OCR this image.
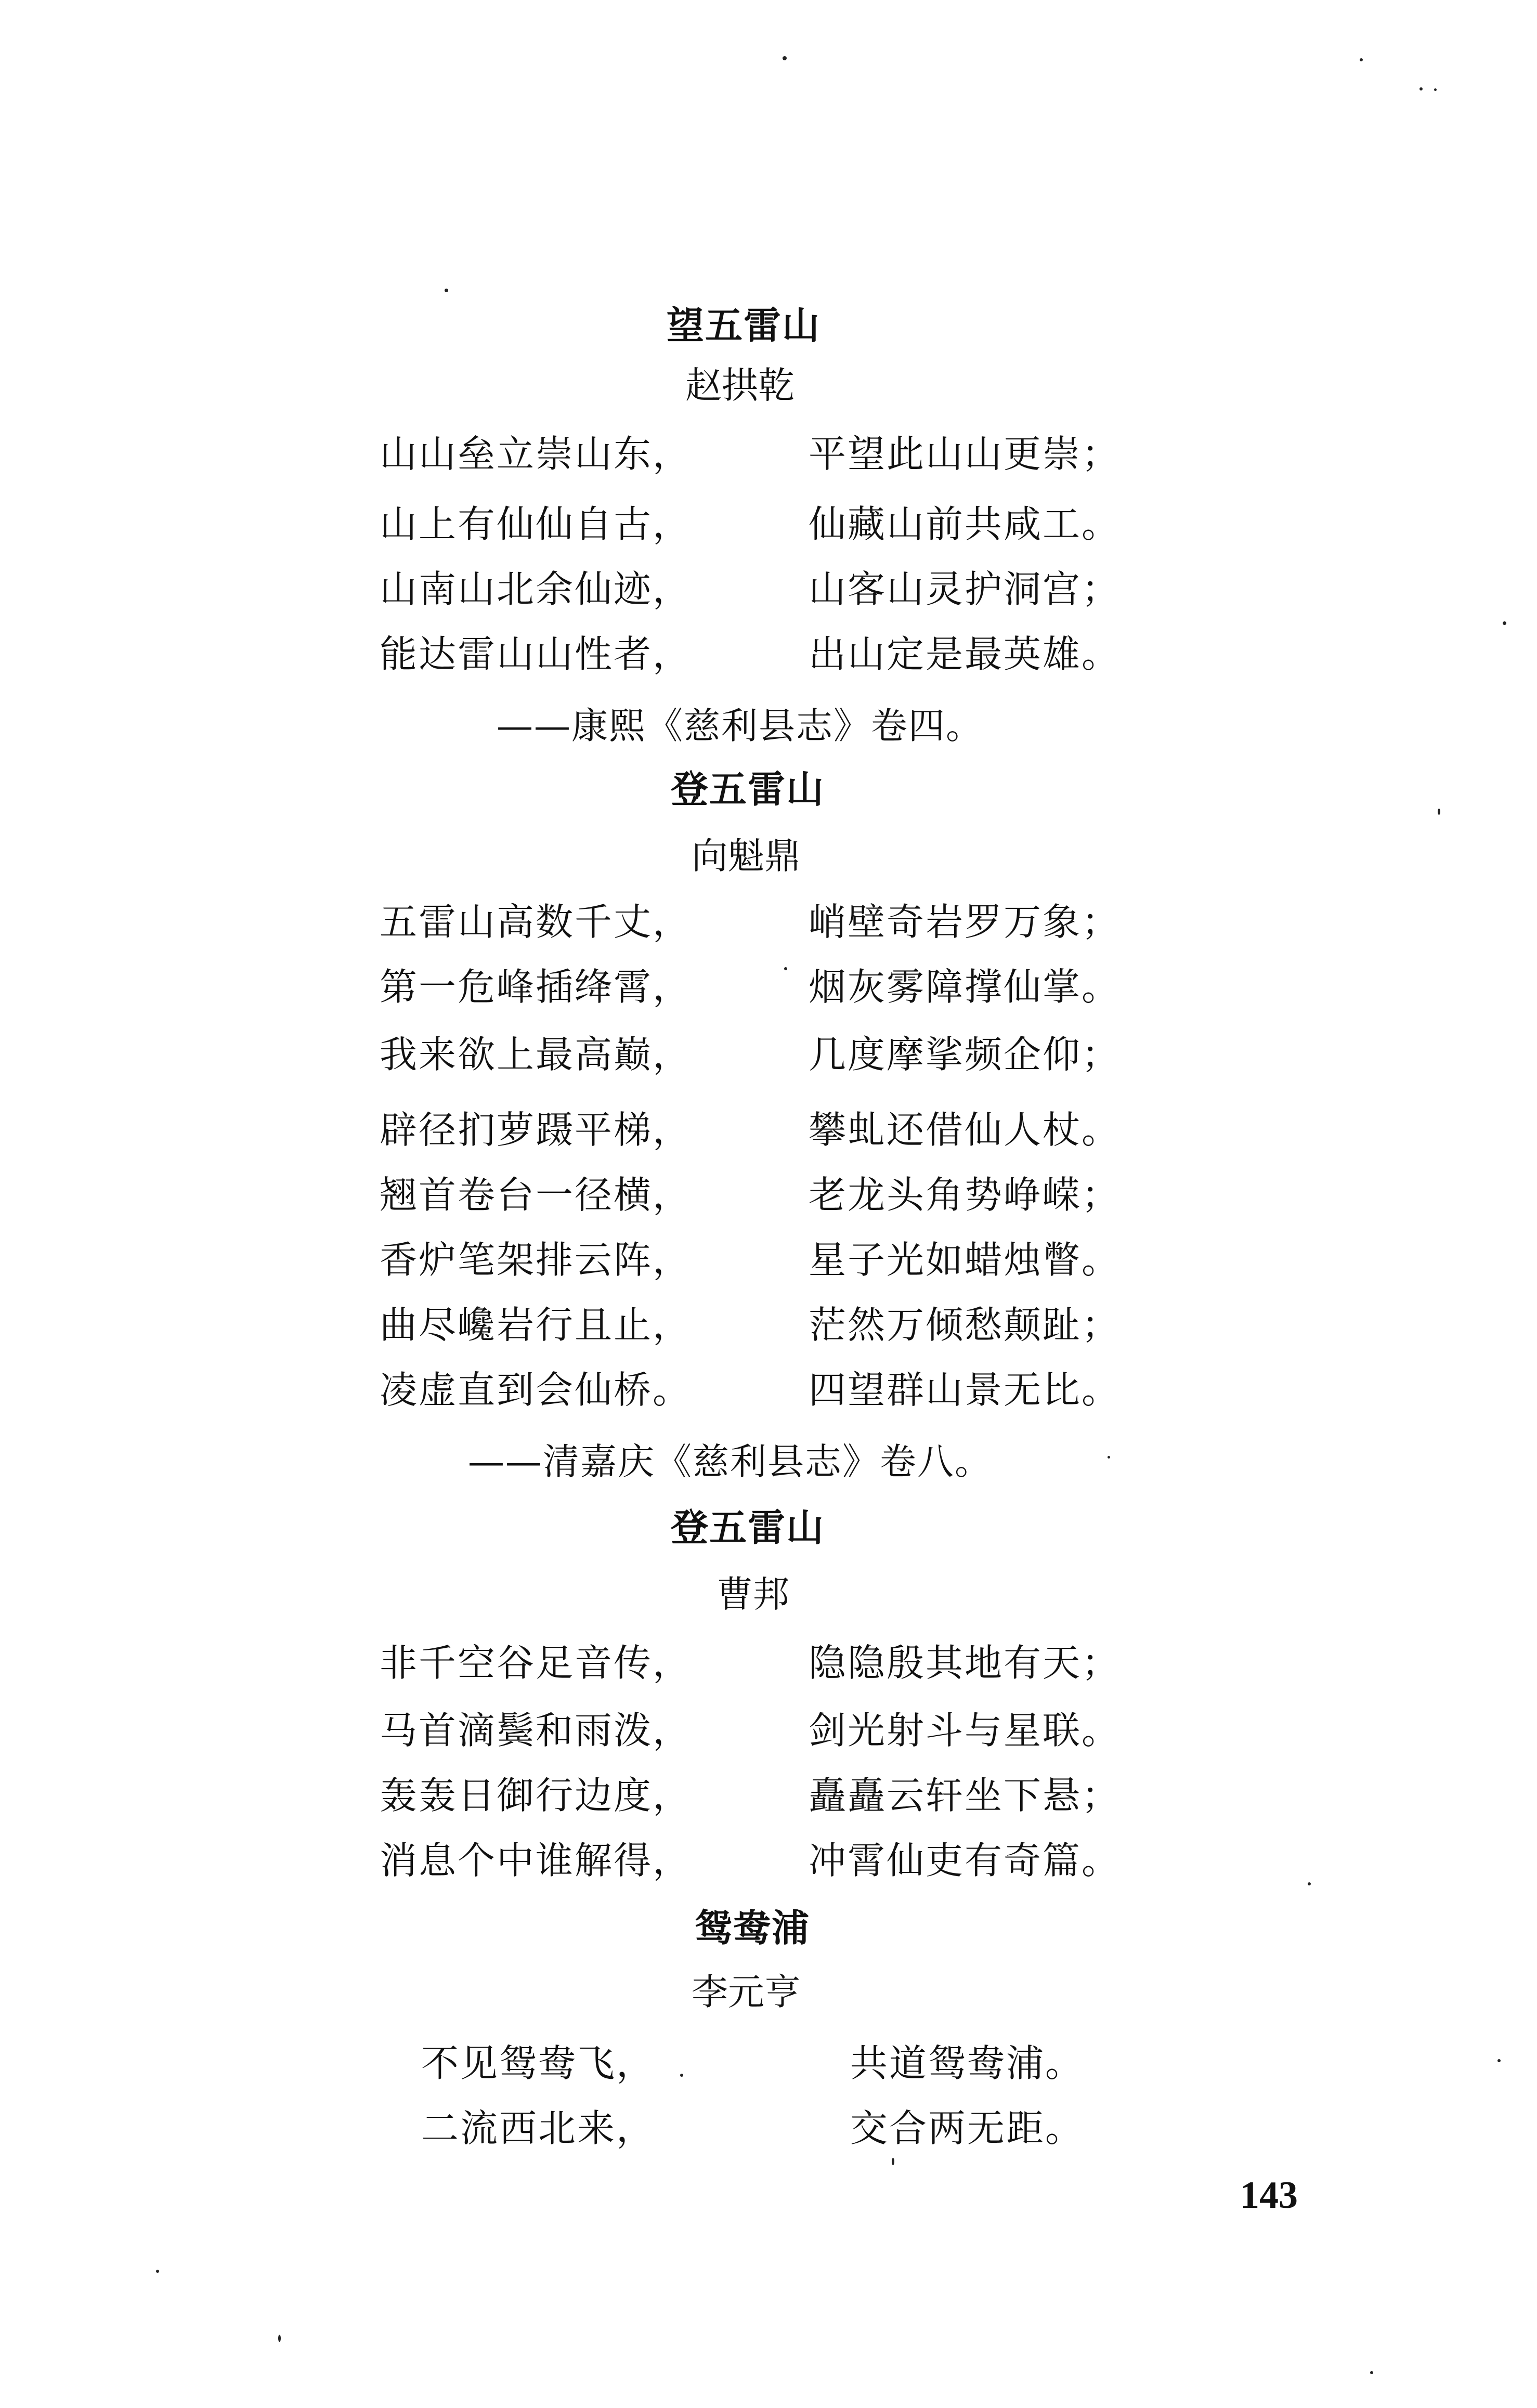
望五雷山
赵拱乾
山山垒立崇山东，	平望此山山更崇；
山上有仙仙自古，	仙藏山前共咸工。
山南山北余仙迹，	山客山灵护洞宫；
能达雷山山性者，	出山定是最英雄。
——康熙《慈利县志》卷四。
登五雷山
向魁鼎
五雷山高数千丈，	峭壁奇岩罗万象；
第一危峰插绛霄，	烟灰雾障撑仙掌。
我来欲上最高巅，	几度摩挲频企仰；
辟径扪萝蹑平梯，	攀虬还借仙人杖。
翘首卷台一径横，	老龙头角势峥嵘；
香炉笔架排云阵，	星子光如蜡烛瞥。
曲尽巉岩行且止，	茫然万倾愁颠趾；
凌虚直到会仙桥。	四望群山景无比。
——清嘉庆《慈利县志》卷八。
登五雷山
曹邦
非千空谷足音传，	隐隐殷其地有天；
马首滴鬓和雨泼，	剑光射斗与星联。
轰轰日御行边度，	矗矗云轩坐下悬；
消息个中谁解得，	冲霄仙吏有奇篇。
鸳鸯浦
李元亨
不见鸳鸯飞，	共道鸳鸯浦。
二流西北来，	交合两无距。
143
